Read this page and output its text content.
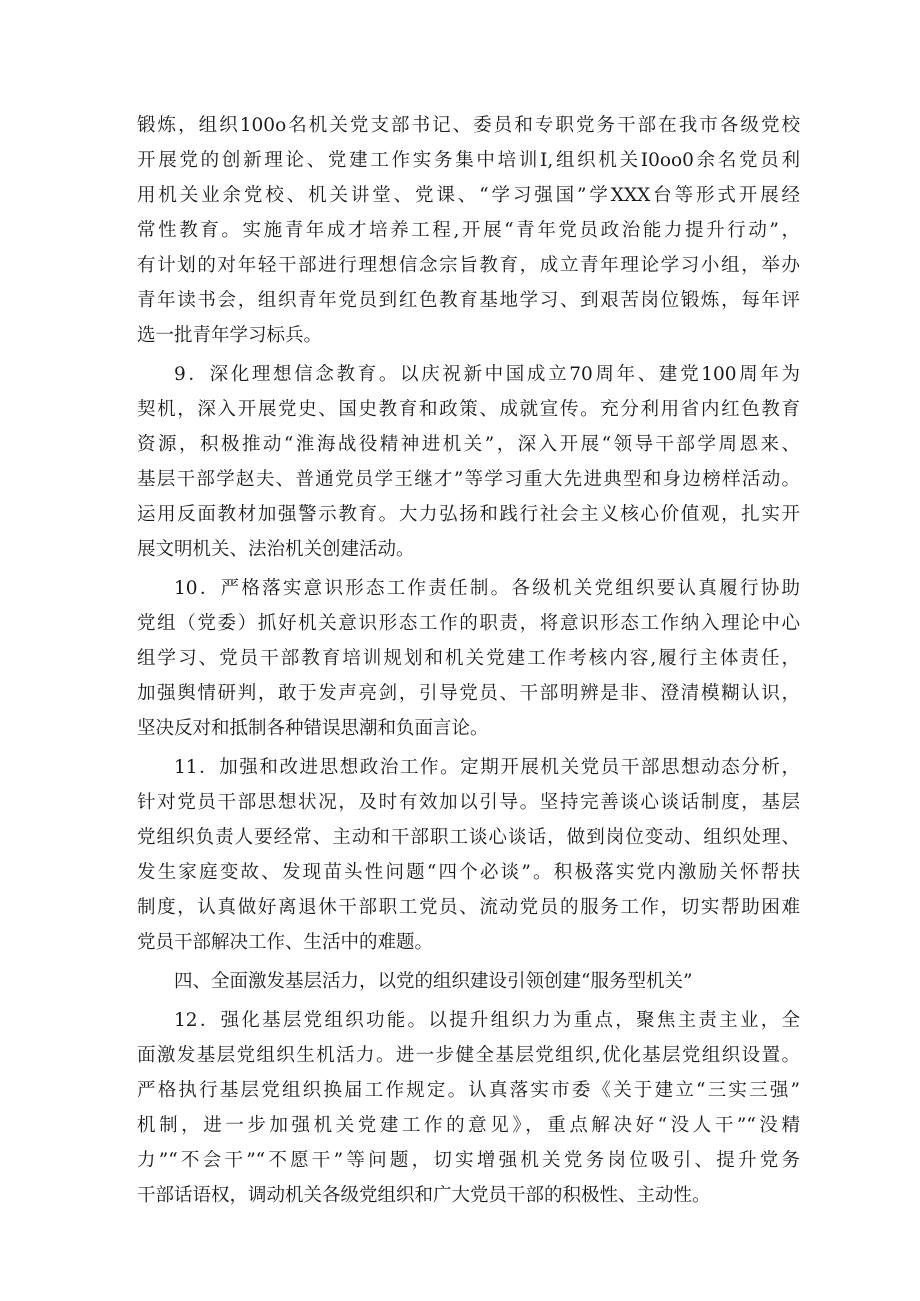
锻炼，组织100o名机关党支部书记、委员和专职党务干部在我市各级党校
开展党的创新理论、党建工作实务集中培训I,组织机关I0oo0余名党员利
用机关业余党校、机关讲堂、党课、“学习强国”学XXX台等形式开展经
常性教育。实施青年成才培养工程,开展“青年党员政治能力提升行动”，
有计划的对年轻干部进行理想信念宗旨教育，成立青年理论学习小组，举办
青年读书会，组织青年党员到红色教育基地学习、到艰苦岗位锻炼，每年评
选一批青年学习标兵。
9．深化理想信念教育。以庆祝新中国成立70周年、建党100周年为
契机，深入开展党史、国史教育和政策、成就宣传。充分利用省内红色教育
资源，积极推动“淮海战役精神进机关”，深入开展“领导干部学周恩来、
基层干部学赵夫、普通党员学王继才”等学习重大先进典型和身边榜样活动。
运用反面教材加强警示教育。大力弘扬和践行社会主义核心价值观，扎实开
展文明机关、法治机关创建活动。
10．严格落实意识形态工作责任制。各级机关党组织要认真履行协助
党组（党委）抓好机关意识形态工作的职责，将意识形态工作纳入理论中心
组学习、党员干部教育培训规划和机关党建工作考核内容,履行主体责任，
加强舆情研判，敢于发声亮剑，引导党员、干部明辨是非、澄清模糊认识，
坚决反对和抵制各种错误思潮和负面言论。
11．加强和改进思想政治工作。定期开展机关党员干部思想动态分析，
针对党员干部思想状况，及时有效加以引导。坚持完善谈心谈话制度，基层
党组织负责人要经常、主动和干部职工谈心谈话，做到岗位变动、组织处理、
发生家庭变故、发现苗头性问题“四个必谈”。积极落实党内激励关怀帮扶
制度，认真做好离退休干部职工党员、流动党员的服务工作，切实帮助困难
党员干部解决工作、生活中的难题。
四、全面激发基层活力，以党的组织建设引领创建“服务型机关”
12．强化基层党组织功能。以提升组织力为重点，聚焦主责主业，全
面激发基层党组织生机活力。进一步健全基层党组织,优化基层党组织设置。
严格执行基层党组织换届工作规定。认真落实市委《关于建立“三实三强”
机制，进一步加强机关党建工作的意见》，重点解决好“没人干”“没精
力”“不会干”“不愿干”等问题，切实增强机关党务岗位吸引、提升党务
干部话语权，调动机关各级党组织和广大党员干部的积极性、主动性。
